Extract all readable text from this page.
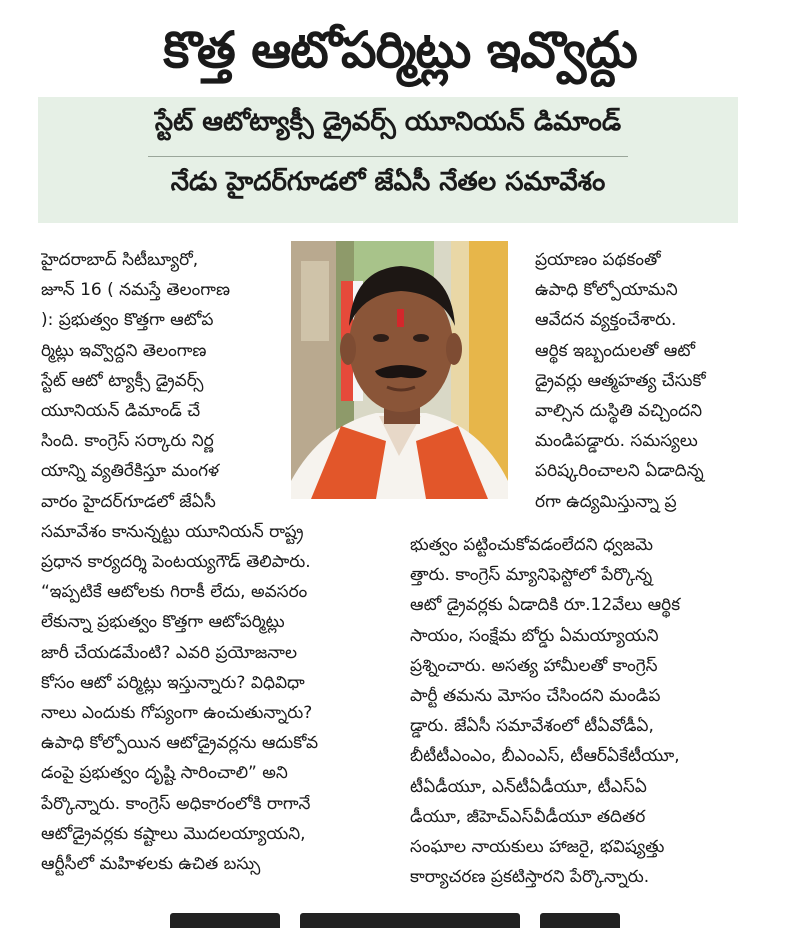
కొత్త ఆటోపర్మిట్లు ఇవ్వొద్దు
స్టేట్ ఆటోట్యాక్సీ డ్రైవర్స్ యూనియన్ డిమాండ్
నేడు హైదర్‌గూడలో జేఏసీ నేతల సమావేశం
హైదరాబాద్ సిటీబ్యూరో,
జూన్ 16 ( నమస్తే తెలంగాణ
): ప్రభుత్వం కొత్తగా ఆటోప
ర్మిట్లు ఇవ్వొద్దని తెలంగాణ
స్టేట్ ఆటో ట్యాక్సీ డ్రైవర్స్
యూనియన్ డిమాండ్ చే
సింది. కాంగ్రెస్ సర్కారు నిర్ణ
యాన్ని వ్యతిరేకిస్తూ మంగళ
వారం హైదర్‌గూడలో జేఏసీ
సమావేశం కానున్నట్టు యూనియన్ రాష్ట్ర
ప్రధాన కార్యదర్శి పెంటయ్యగౌడ్ తెలిపారు.
“ఇప్పటికే ఆటోలకు గిరాకీ లేదు, అవసరం
లేకున్నా ప్రభుత్వం కొత్తగా ఆటోపర్మిట్లు
జారీ చేయడమేంటి? ఎవరి ప్రయోజనాల
కోసం ఆటో పర్మిట్లు ఇస్తున్నారు? విధివిధా
నాలు ఎందుకు గోప్యంగా ఉంచుతున్నారు?
ఉపాధి కోల్పోయిన ఆటోడ్రైవర్లను ఆదుకోవ
డంపై ప్రభుత్వం దృష్టి సారించాలి” అని
పేర్కొన్నారు. కాంగ్రెస్ అధికారంలోకి రాగానే
ఆటోడ్రైవర్లకు కష్టాలు మొదలయ్యాయని,
ఆర్టీసీలో మహిళలకు ఉచిత బస్సు
ప్రయాణం పథకంతో
ఉపాధి కోల్పోయామని
ఆవేదన వ్యక్తంచేశారు.
ఆర్థిక ఇబ్బందులతో ఆటో
డ్రైవర్లు ఆత్మహత్య చేసుకో
వాల్సిన దుస్థితి వచ్చిందని
మండిపడ్డారు. సమస్యలు
పరిష్కరించాలని ఏడాదిన్న
రగా ఉద్యమిస్తున్నా ప్ర
భుత్వం పట్టించుకోవడంలేదని ధ్వజమె
త్తారు. కాంగ్రెస్ మ్యానిఫెస్టోలో పేర్కొన్న
ఆటో డ్రైవర్లకు ఏడాదికి రూ.12వేలు ఆర్థిక
సాయం, సంక్షేమ బోర్డు ఏమయ్యాయని
ప్రశ్నించారు. అసత్య హామీలతో కాంగ్రెస్
పార్టీ తమను మోసం చేసిందని మండిప
డ్డారు. జేఏసీ సమావేశంలో టీఏవోడీఏ,
బీటీటీఎంఎం, బీఎంఎస్, టీఆర్ఏకేటీయూ,
టీఏడీయూ, ఎన్‌టీఏడీయూ, టీఎస్ఏ
డీయూ, జీహెచ్ఎస్‌వీడీయూ తదితర
సంఘాల నాయకులు హాజరై, భవిష్యత్తు
కార్యాచరణ ప్రకటిస్తారని పేర్కొన్నారు.
